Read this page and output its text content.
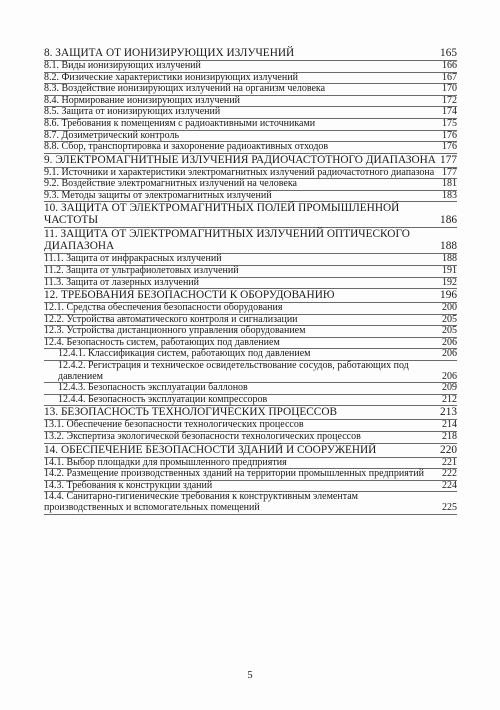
8. ЗАЩИТА ОТ ИОНИЗИРУЮЩИХ ИЗЛУЧЕНИЙ	165
8.1. Виды ионизирующих излучений	166
8.2. Физические характеристики ионизирующих излучений	167
8.3. Воздействие ионизирующих излучений на организм человека	170
8.4. Нормирование ионизирующих излучений	172
8.5. Защита от ионизирующих излучений	174
8.6. Требования к помещениям с радиоактивными источниками	175
8.7. Дозиметрический контроль	176
8.8. Сбор, транспортировка и захоронение радиоактивных отходов	176
9. ЭЛЕКТРОМАГНИТНЫЕ ИЗЛУЧЕНИЯ РАДИОЧАСТОТНОГО ДИАПАЗОНА 177
9.1. Источники и характеристики электромагнитных излучений радиочастотного диапазона 177
9.2. Воздействие электромагнитных излучений на человека	181
9.3. Методы защиты от электромагнитных излучений	183
10. ЗАЩИТА ОТ ЭЛЕКТРОМАГНИТНЫХ ПОЛЕЙ ПРОМЫШЛЕННОЙ ЧАСТОТЫ	186
11. ЗАЩИТА ОТ ЭЛЕКТРОМАГНИТНЫХ ИЗЛУЧЕНИЙ ОПТИЧЕСКОГО ДИАПАЗОНА	188
11.1. Защита от инфракрасных излучений	188
11.2. Защита от ультрафиолетовых излучений	191
11.3. Защита от лазерных излучений	192
12. ТРЕБОВАНИЯ БЕЗОПАСНОСТИ К ОБОРУДОВАНИЮ	196
12.1. Средства обеспечения безопасности оборудования	200
12.2. Устройства автоматического контроля и сигнализации	205
12.3. Устройства дистанционного управления оборудованием	205
12.4. Безопасность систем, работающих под давлением	206
12.4.1. Классификация систем, работающих под давлением	206
12.4.2. Регистрация и техническое освидетельствование сосудов, работающих под давлением	206
12.4.3. Безопасность эксплуатации баллонов	209
12.4.4. Безопасность эксплуатации компрессоров	212
13. БЕЗОПАСНОСТЬ ТЕХНОЛОГИЧЕСКИХ ПРОЦЕССОВ	213
13.1. Обеспечение безопасности технологических процессов	214
13.2. Экспертиза экологической безопасности технологических процессов	218
14. ОБЕСПЕЧЕНИЕ БЕЗОПАСНОСТИ ЗДАНИЙ И СООРУЖЕНИЙ	220
14.1. Выбор площадки для промышленного предприятия	221
14.2. Размещение производственных зданий на территории промышленных предприятий	222
14.3. Требования к конструкции зданий	224
14.4. Санитарно-гигиенические требования к конструктивным элементам производственных и вспомогательных помещений	225
5
